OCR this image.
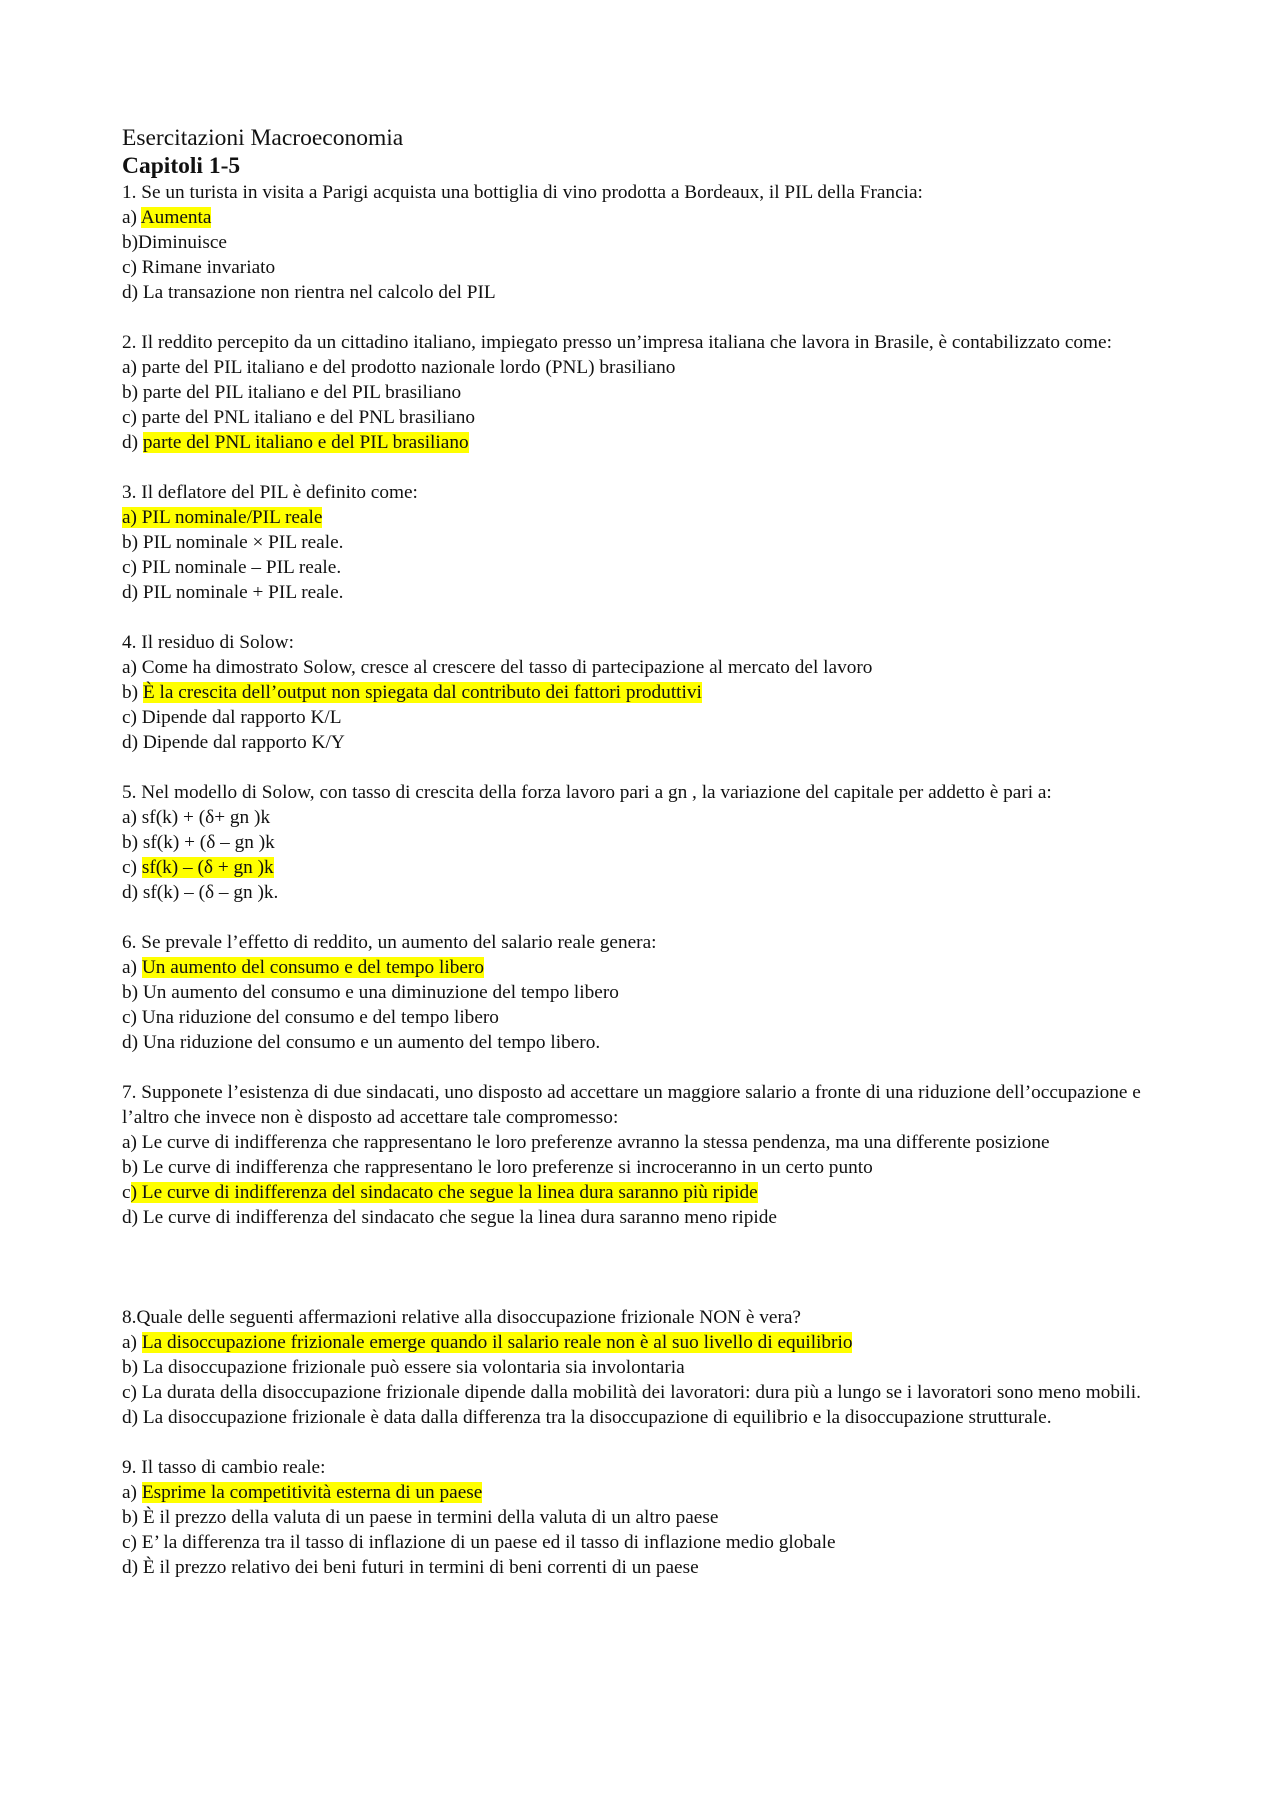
Esercitazioni Macroeconomia

Capitoli 1-5

1. Se un turista in visita a Parigi acquista una bottiglia di vino prodotta a Bordeaux, il PIL della Francia:

a) Aumenta

b)Diminuisce

c) Rimane invariato

d) La transazione non rientra nel calcolo del PIL

2. Il reddito percepito da un cittadino italiano, impiegato presso un’impresa italiana che lavora in Brasile, è contabilizzato come:

a) parte del PIL italiano e del prodotto nazionale lordo (PNL) brasiliano

b) parte del PIL italiano e del PIL brasiliano

c) parte del PNL italiano e del PNL brasiliano

d) parte del PNL italiano e del PIL brasiliano

3. Il deflatore del PIL è definito come:

a) PIL nominale/PIL reale

b) PIL nominale × PIL reale.

c) PIL nominale – PIL reale.

d) PIL nominale + PIL reale.

4. Il residuo di Solow:

a) Come ha dimostrato Solow, cresce al crescere del tasso di partecipazione al mercato del lavoro

b) È la crescita dell’output non spiegata dal contributo dei fattori produttivi

c) Dipende dal rapporto K/L

d) Dipende dal rapporto K/Y

5. Nel modello di Solow, con tasso di crescita della forza lavoro pari a gn , la variazione del capitale per addetto è pari a:

a) sf(k) + (δ+ gn )k

b) sf(k) + (δ – gn )k

c) sf(k) – (δ + gn )k

d) sf(k) – (δ – gn )k.

6. Se prevale l’effetto di reddito, un aumento del salario reale genera:

a) Un aumento del consumo e del tempo libero

b) Un aumento del consumo e una diminuzione del tempo libero

c) Una riduzione del consumo e del tempo libero

d) Una riduzione del consumo e un aumento del tempo libero.

7. Supponete l’esistenza di due sindacati, uno disposto ad accettare un maggiore salario a fronte di una riduzione dell’occupazione e l’altro che invece non è disposto ad accettare tale compromesso:

a) Le curve di indifferenza che rappresentano le loro preferenze avranno la stessa pendenza, ma una differente posizione

b) Le curve di indifferenza che rappresentano le loro preferenze si incroceranno in un certo punto

c) Le curve di indifferenza del sindacato che segue la linea dura saranno più ripide

d) Le curve di indifferenza del sindacato che segue la linea dura saranno meno ripide

8.Quale delle seguenti affermazioni relative alla disoccupazione frizionale NON è vera?

a) La disoccupazione frizionale emerge quando il salario reale non è al suo livello di equilibrio

b) La disoccupazione frizionale può essere sia volontaria sia involontaria

c) La durata della disoccupazione frizionale dipende dalla mobilità dei lavoratori: dura più a lungo se i lavoratori sono meno mobili.

d) La disoccupazione frizionale è data dalla differenza tra la disoccupazione di equilibrio e la disoccupazione strutturale.

9. Il tasso di cambio reale:

a) Esprime la competitività esterna di un paese

b) È il prezzo della valuta di un paese in termini della valuta di un altro paese

c) E’ la differenza tra il tasso di inflazione di un paese ed il tasso di inflazione medio globale

d) È il prezzo relativo dei beni futuri in termini di beni correnti di un paese
